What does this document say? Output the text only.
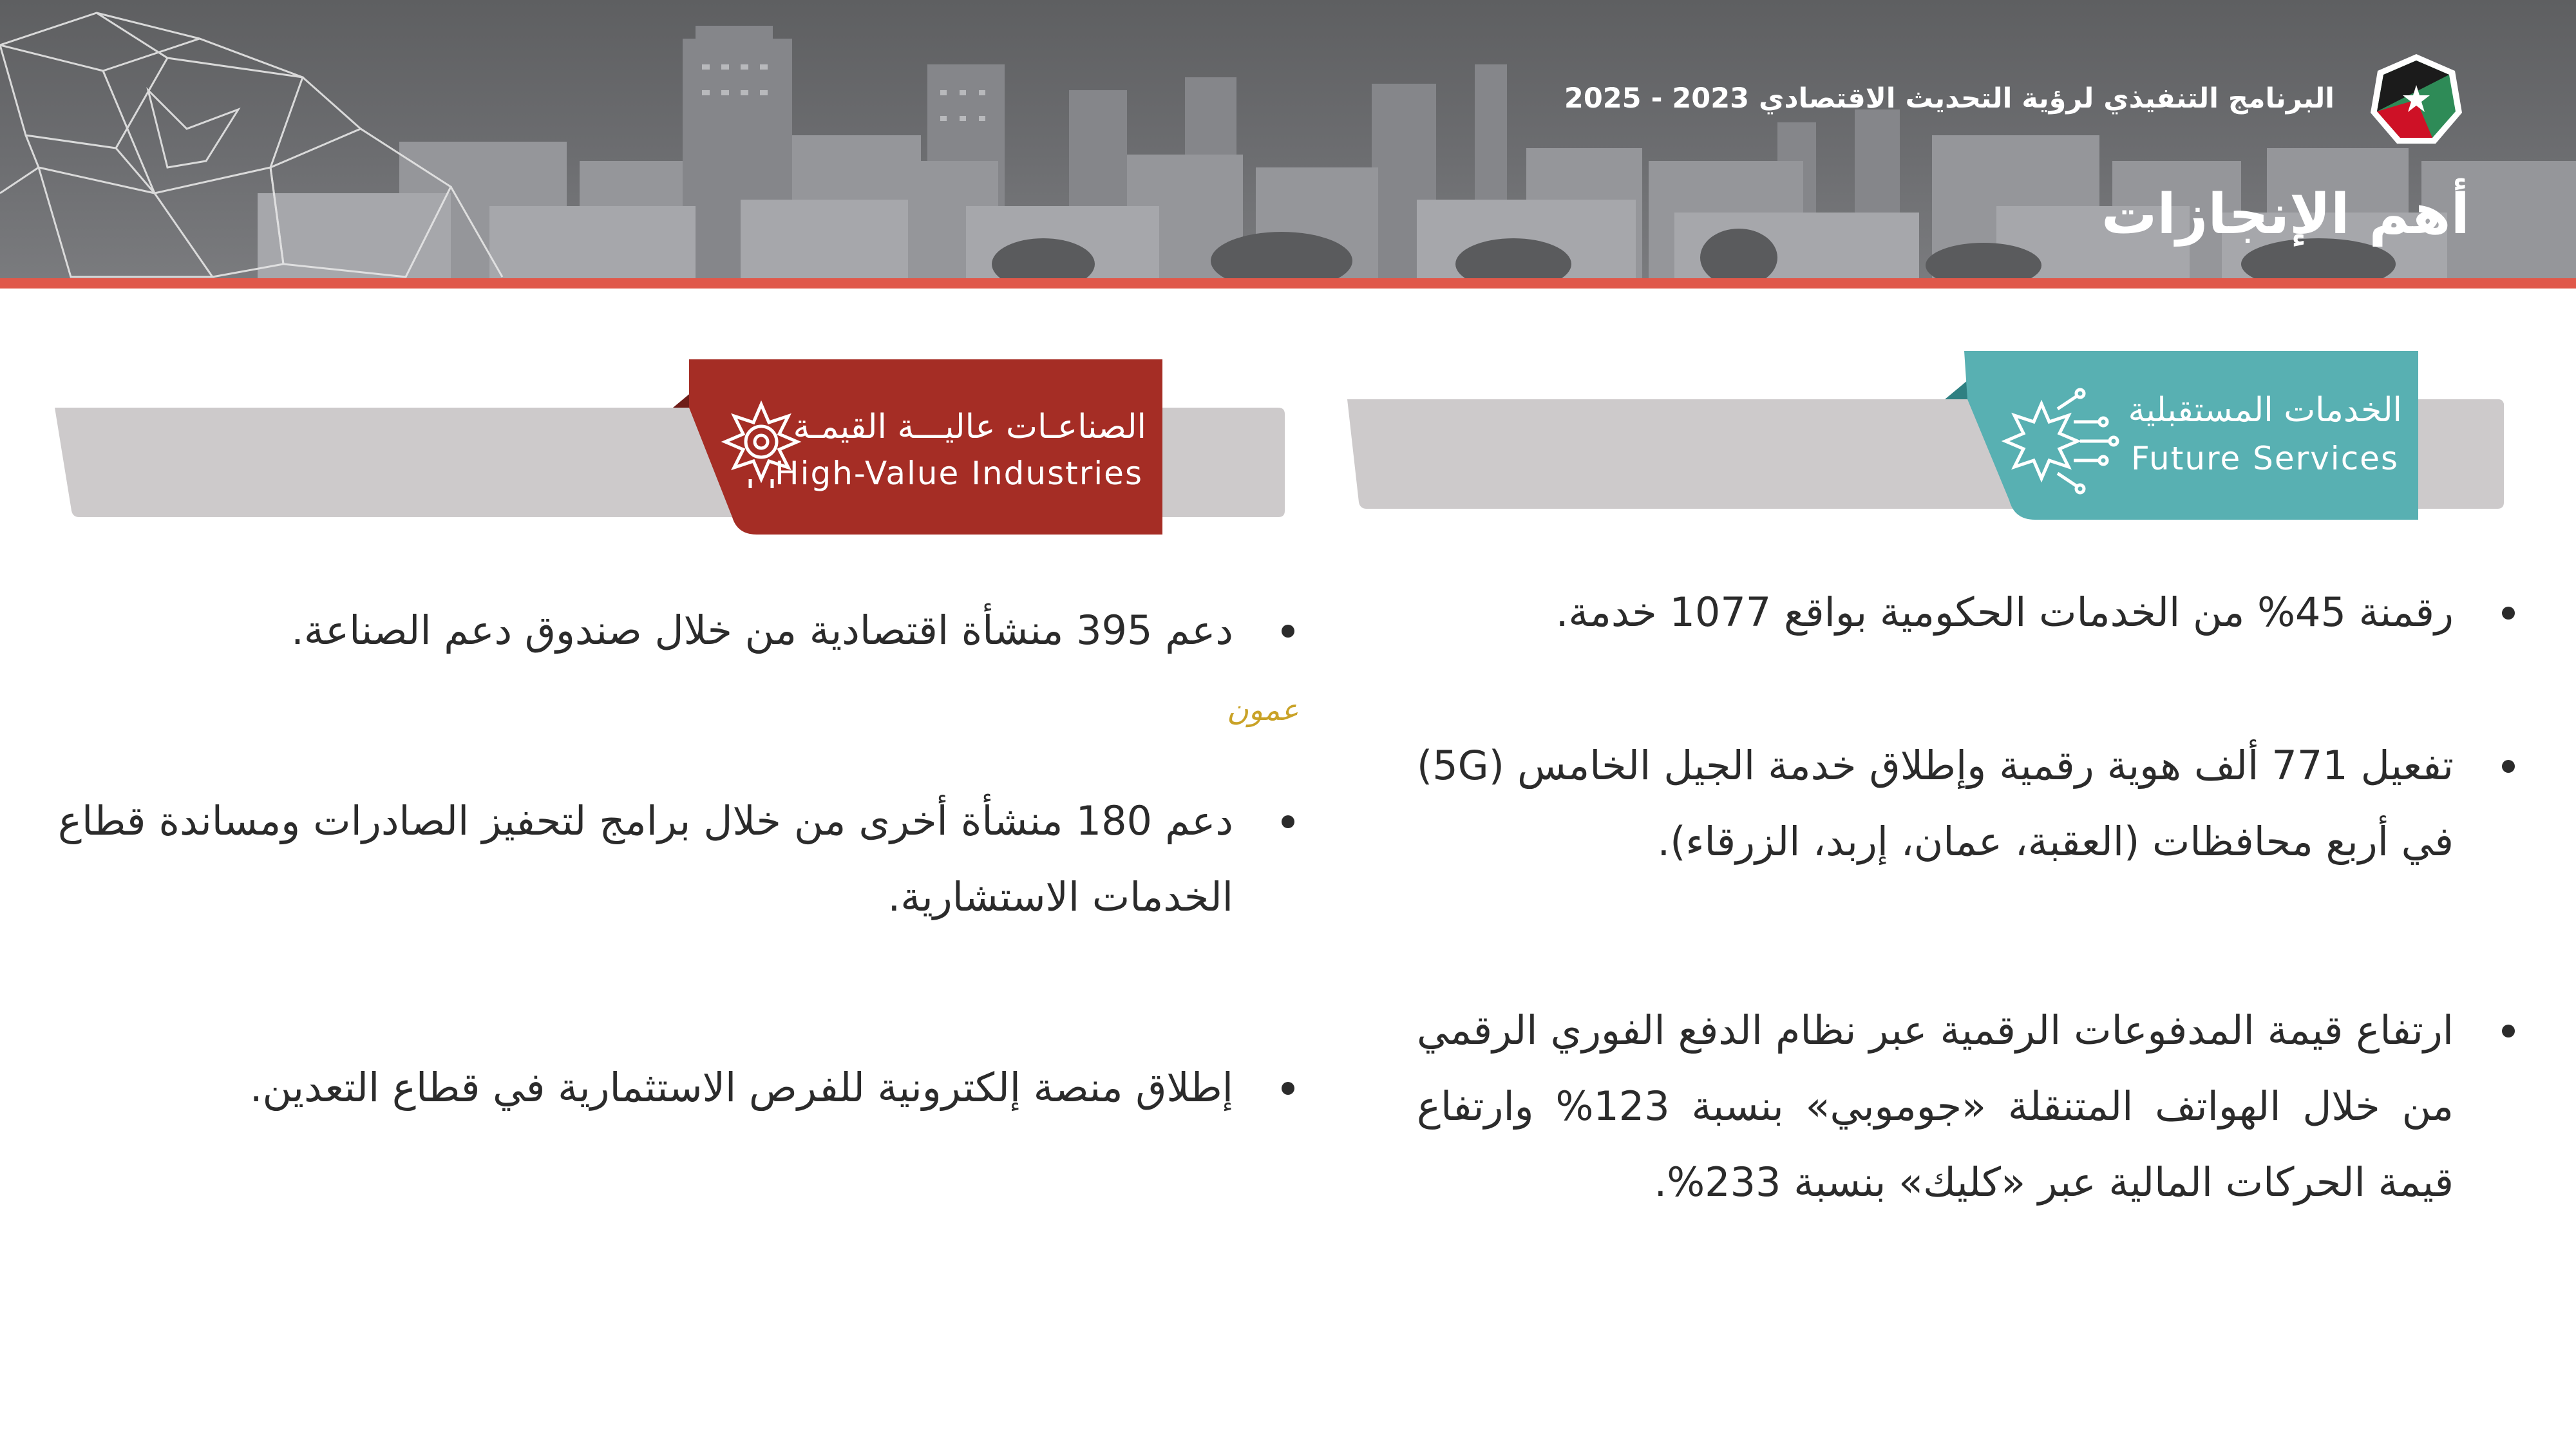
البرنامج التنفيذي لرؤية التحديث الاقتصادي 2023 - 2025
أهم الإنجازات
الخدمات المستقبلية
Future Services
رقمنة 45% من الخدمات الحكومية بواقع 1077 خدمة.
تفعيل 771 ألف هوية رقمية وإطلاق خدمة الجيل الخامس (5G) في أربع محافظات (العقبة، عمان، إربد، الزرقاء).
ارتفاع قيمة المدفوعات الرقمية عبر نظام الدفع الفوري الرقمي من خلال الهواتف المتنقلة «جوموبي» بنسبة 123% وارتفاع قيمة الحركات المالية عبر «كليك» بنسبة 233%.
الصناعـات عاليـــة القيمـة
High-Value Industries
دعم 395 منشأة اقتصادية من خلال صندوق دعم الصناعة.
دعم 180 منشأة أخرى من خلال برامج لتحفيز الصادرات ومساندة قطاع الخدمات الاستشارية.
إطلاق منصة إلكترونية للفرص الاستثمارية في قطاع التعدين.
عمون
